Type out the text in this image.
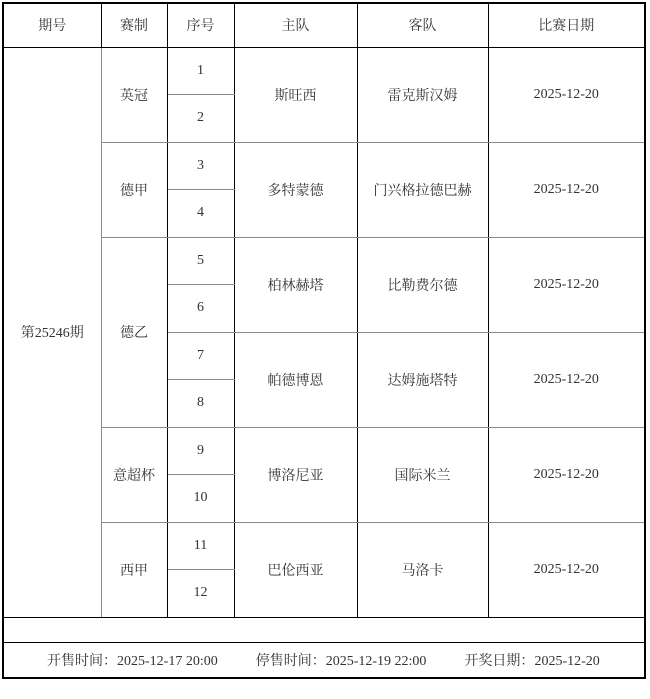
期号	赛制	序号	主队	客队	比赛日期
第25246期	英冠	1	斯旺西	雷克斯汉姆	2025-12-20
		2			
	德甲	3	多特蒙德	门兴格拉德巴赫	2025-12-20
		4			
	德乙	5	柏林赫塔	比勒费尔德	2025-12-20
		6			
		7	帕德博恩	达姆施塔特	2025-12-20
		8			
	意超杯	9	博洛尼亚	国际米兰	2025-12-20
		10			
	西甲	11	巴伦西亚	马洛卡	2025-12-20
		12			

开售时间：2025-12-17 20:00 停售时间：2025-12-19 22:00 开奖日期：2025-12-20					
